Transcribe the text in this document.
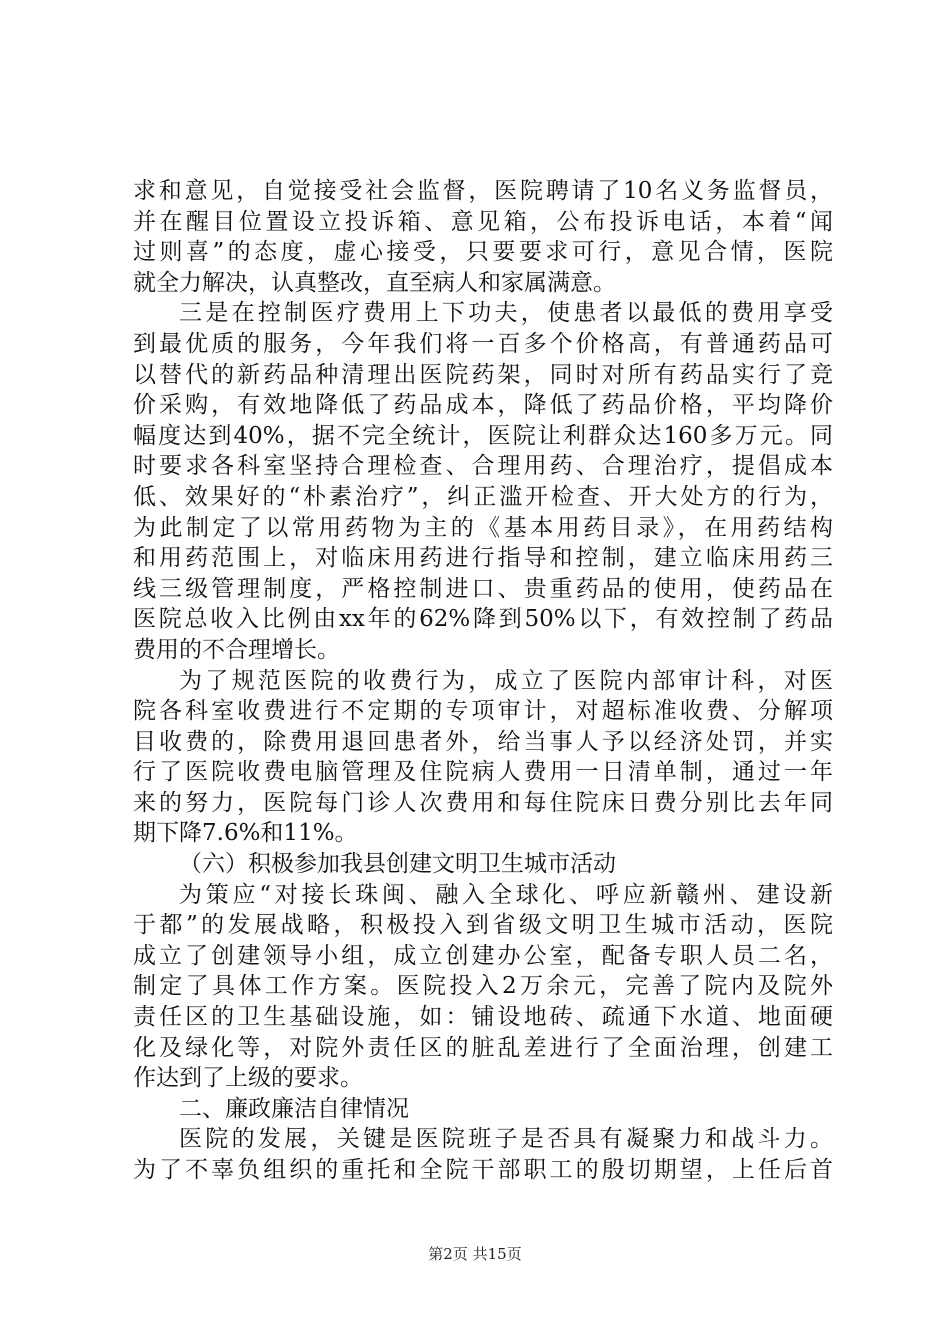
求和意见，自觉接受社会监督，医院聘请了10名义务监督员，
并在醒目位置设立投诉箱、意见箱，公布投诉电话，本着“闻
过则喜”的态度，虚心接受，只要要求可行，意见合情，医院
就全力解决，认真整改，直至病人和家属满意。
三是在控制医疗费用上下功夫，使患者以最低的费用享受
到最优质的服务，今年我们将一百多个价格高，有普通药品可
以替代的新药品种清理出医院药架，同时对所有药品实行了竞
价采购，有效地降低了药品成本，降低了药品价格，平均降价
幅度达到40%，据不完全统计，医院让利群众达160多万元。同
时要求各科室坚持合理检查、合理用药、合理治疗，提倡成本
低、效果好的“朴素治疗”，纠正滥开检查、开大处方的行为，
为此制定了以常用药物为主的《基本用药目录》，在用药结构
和用药范围上，对临床用药进行指导和控制，建立临床用药三
线三级管理制度，严格控制进口、贵重药品的使用，使药品在
医院总收入比例由xx年的62%降到50%以下，有效控制了药品
费用的不合理增长。
为了规范医院的收费行为，成立了医院内部审计科，对医
院各科室收费进行不定期的专项审计，对超标准收费、分解项
目收费的，除费用退回患者外，给当事人予以经济处罚，并实
行了医院收费电脑管理及住院病人费用一日清单制，通过一年
来的努力，医院每门诊人次费用和每住院床日费分别比去年同
期下降7.6%和11%。
（六）积极参加我县创建文明卫生城市活动
为策应“对接长珠闽、融入全球化、呼应新赣州、建设新
于都”的发展战略，积极投入到省级文明卫生城市活动，医院
成立了创建领导小组，成立创建办公室，配备专职人员二名，
制定了具体工作方案。医院投入2万余元，完善了院内及院外
责任区的卫生基础设施，如：铺设地砖、疏通下水道、地面硬
化及绿化等，对院外责任区的脏乱差进行了全面治理，创建工
作达到了上级的要求。
二、廉政廉洁自律情况
医院的发展，关键是医院班子是否具有凝聚力和战斗力。
为了不辜负组织的重托和全院干部职工的殷切期望，上任后首
第2页 共15页
